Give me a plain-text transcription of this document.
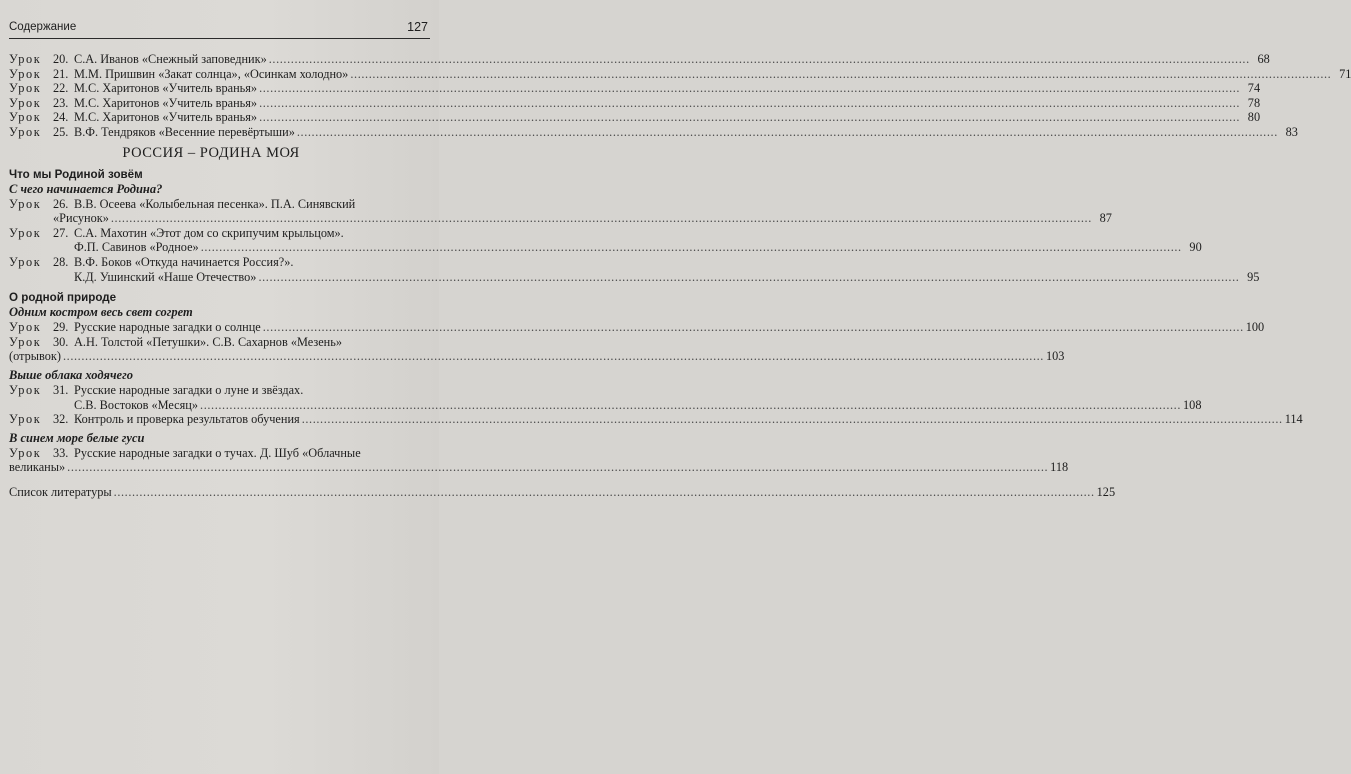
Содержание	127
Урок 20. С.А. Иванов «Снежный заповедник» .....	68
Урок 21. М.М. Пришвин «Закат солнца», «Осинкам холодно» .....	71
Урок 22. М.С. Харитонов «Учитель вранья» .....	74
Урок 23. М.С. Харитонов «Учитель вранья» .....	78
Урок 24. М.С. Харитонов «Учитель вранья» .....	80
Урок 25. В.Ф. Тендряков «Весенние перевёртыши» .....	83
РОССИЯ – РОДИНА МОЯ
Что мы Родиной зовём
С чего начинается Родина?
Урок 26. В.В. Осеева «Колыбельная песенка». П.А. Синявский
«Рисунок» .....	87
Урок 27. С.А. Махотин «Этот дом со скрипучим крыльцом».
Ф.П. Савинов «Родное» .....	90
Урок 28. В.Ф. Боков «Откуда начинается Россия?».
К.Д. Ушинский «Наше Отечество» .....	95
О родной природе
Одним костром весь свет согрет
Урок 29. Русские народные загадки о солнце .....	100
Урок 30. А.Н. Толстой «Петушки». С.В. Сахарнов «Мезень»
(отрывок) .....	103
Выше облака ходячего
Урок 31. Русские народные загадки о луне и звёздах.
С.В. Востоков «Месяц» .....	108
Урок 32. Контроль и проверка результатов обучения .....	114
В синем море белые гуси
Урок 33. Русские народные загадки о тучах. Д. Шуб «Облачные
великаны» .....	118
Список литературы .....	125
